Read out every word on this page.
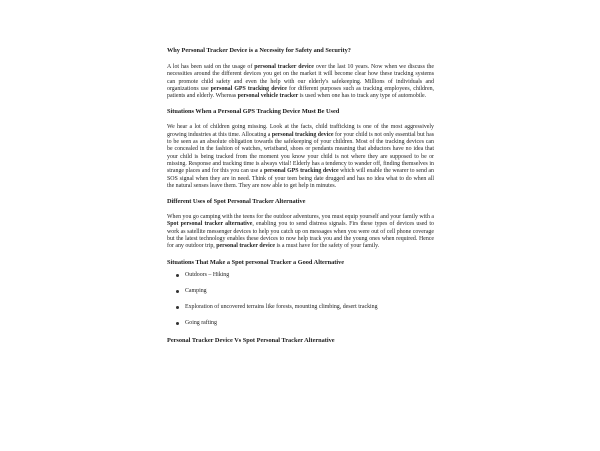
Why Personal Tracker Device is a Necessity for Safety and Security?

A lot has been said on the usage of personal tracker device over the last 10 years. Now when we discuss the necessities around the different devices you get on the market it will become clear how these tracking systems can promote child safety and even the help with our elderly's safekeeping. Millions of individuals and organizations use personal GPS tracking device for different purposes such as tracking employees, children, patients and elderly. Whereas personal vehicle tracker is used when one has to track any type of automobile.

Situations When a Personal GPS Tracking Device Must Be Used

We hear a lot of children going missing. Look at the facts, child trafficking is one of the most aggressively growing industries at this time. Allocating a personal tracking device for your child is not only essential but has to be seen as an absolute obligation towards the safekeeping of your children. Most of the tracking devices can be concealed in the fashion of watches, wristband, shoes or pendants meaning that abductors have no idea that your child is being tracked from the moment you know your child is not where they are supposed to be or missing. Response and tracking time is always vital! Elderly has a tendency to wander off, finding themselves in strange places and for this you can use a personal GPS tracking device which will enable the wearer to send an SOS signal when they are in need. Think of your teen being date drugged and has no idea what to do when all the natural senses leave them. They are now able to get help in minutes.

Different Uses of Spot Personal Tracker Alternative

When you go camping with the teens for the outdoor adventures, you must equip yourself and your family with a Spot personal tracker alternative, enabling you to send distress signals. Firs these types of devices used to work as satellite messenger devices to help you catch up on messages when you were out of cell phone coverage but the latest technology enables these devices to now help track you and the young ones when required. Hence for any outdoor trip, personal tracker device is a must have for the safety of your family.

Situations That Make a Spot personal Tracker a Good Alternative
Outdoors – Hiking
Camping
Exploration of uncovered terrains like forests, mounting climbing, desert tracking
Going rafting
Personal Tracker Device Vs Spot Personal Tracker Alternative
